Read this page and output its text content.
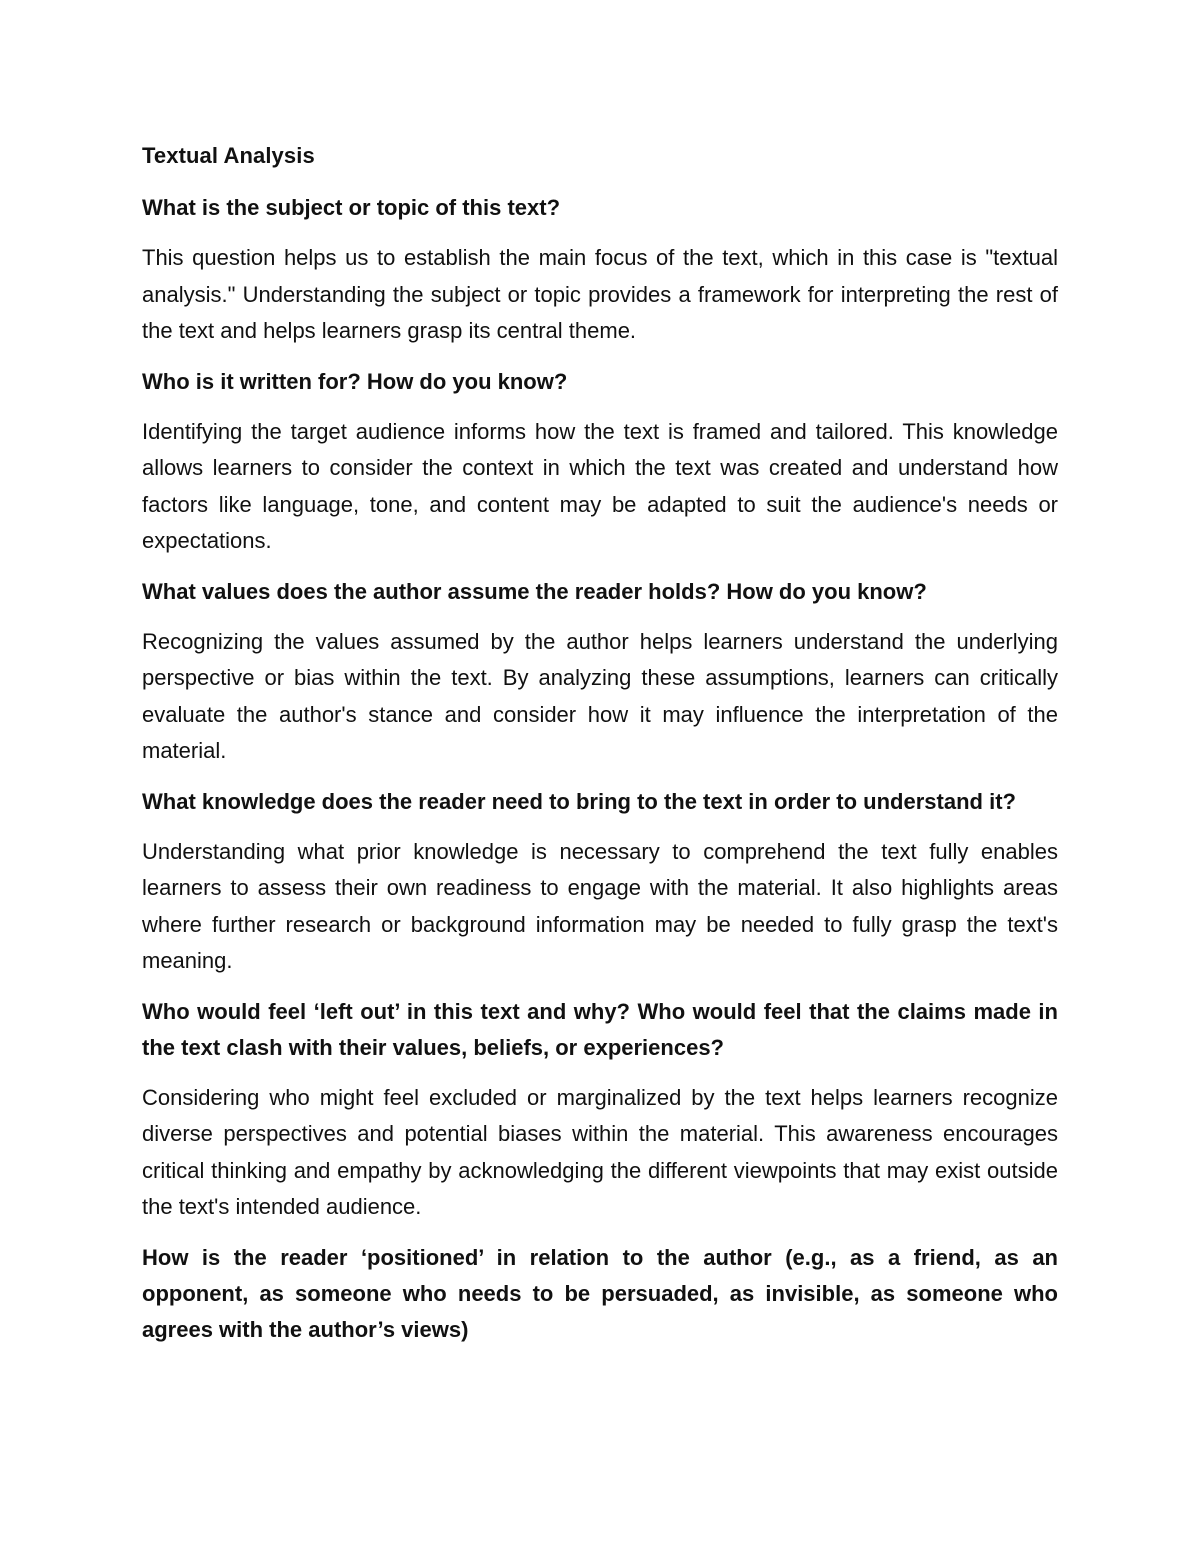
Textual Analysis

What is the subject or topic of this text?

This question helps us to establish the main focus of the text, which in this case is "textual analysis." Understanding the subject or topic provides a framework for interpreting the rest of the text and helps learners grasp its central theme.

Who is it written for? How do you know?

Identifying the target audience informs how the text is framed and tailored. This knowledge allows learners to consider the context in which the text was created and understand how factors like language, tone, and content may be adapted to suit the audience's needs or expectations.

What values does the author assume the reader holds? How do you know?

Recognizing the values assumed by the author helps learners understand the underlying perspective or bias within the text. By analyzing these assumptions, learners can critically evaluate the author's stance and consider how it may influence the interpretation of the material.

What knowledge does the reader need to bring to the text in order to understand it?

Understanding what prior knowledge is necessary to comprehend the text fully enables learners to assess their own readiness to engage with the material. It also highlights areas where further research or background information may be needed to fully grasp the text's meaning.

Who would feel ‘left out’ in this text and why? Who would feel that the claims made in the text clash with their values, beliefs, or experiences?

Considering who might feel excluded or marginalized by the text helps learners recognize diverse perspectives and potential biases within the material. This awareness encourages critical thinking and empathy by acknowledging the different viewpoints that may exist outside the text's intended audience.

How is the reader ‘positioned’ in relation to the author (e.g., as a friend, as an opponent, as someone who needs to be persuaded, as invisible, as someone who agrees with the author’s views)
